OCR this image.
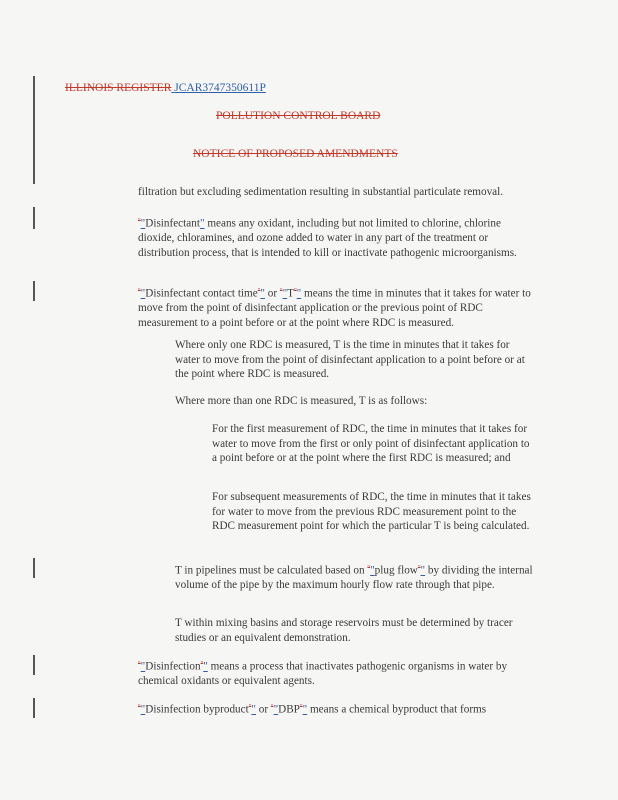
ILLINOIS REGISTER JCAR3747350611P
POLLUTION CONTROL BOARD
NOTICE OF PROPOSED AMENDMENTS

filtration but excluding sedimentation resulting in substantial particulate removal.

“"Disinfectant" means any oxidant, including but not limited to chlorine, chlorine dioxide, chloramines, and ozone added to water in any part of the treatment or distribution process, that is intended to kill or inactivate pathogenic microorganisms.

“"Disinfectant contact time”" or “"T”" means the time in minutes that it takes for water to move from the point of disinfectant application or the previous point of RDC measurement to a point before or at the point where RDC is measured.

Where only one RDC is measured, T is the time in minutes that it takes for water to move from the point of disinfectant application to a point before or at the point where RDC is measured.

Where more than one RDC is measured, T is as follows:

For the first measurement of RDC, the time in minutes that it takes for water to move from the first or only point of disinfectant application to a point before or at the point where the first RDC is measured; and

For subsequent measurements of RDC, the time in minutes that it takes for water to move from the previous RDC measurement point to the RDC measurement point for which the particular T is being calculated.

T in pipelines must be calculated based on “"plug flow”" by dividing the internal volume of the pipe by the maximum hourly flow rate through that pipe.

T within mixing basins and storage reservoirs must be determined by tracer studies or an equivalent demonstration.

“"Disinfection”" means a process that inactivates pathogenic organisms in water by chemical oxidants or equivalent agents.

“"Disinfection byproduct”" or “"DBP”" means a chemical byproduct that forms
